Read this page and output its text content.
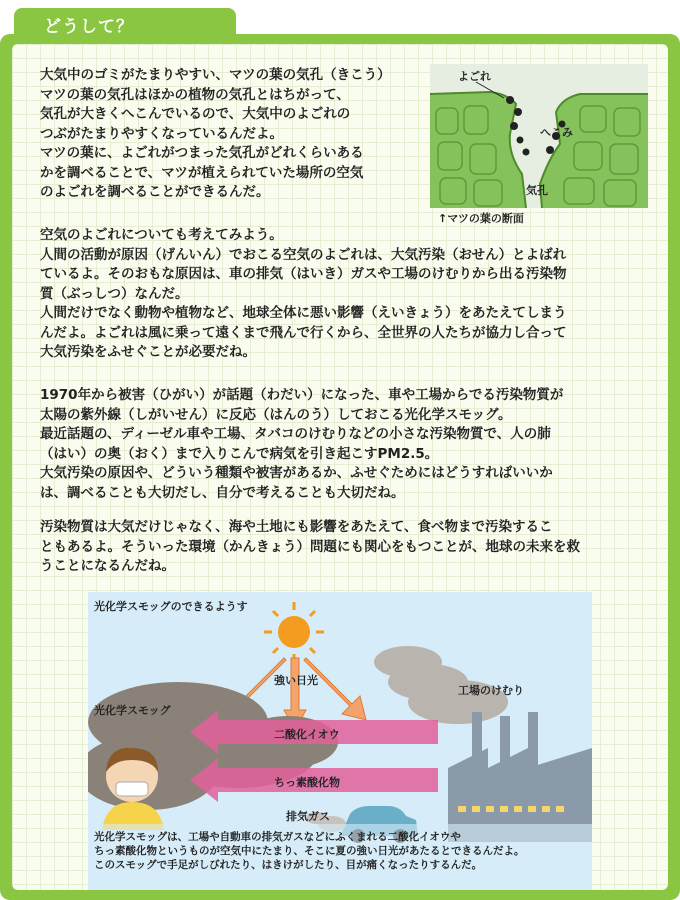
どうして？
大気中のゴミがたまりやすい、マツの葉の気孔（きこう）
マツの葉の気孔はほかの植物の気孔とはちがって、
気孔が大きくへこんでいるので、大気中のよごれの
つぶがたまりやすくなっているんだよ。
マツの葉に、よごれがつまった気孔がどれくらいある
かを調べることで、マツが植えられていた場所の空気
のよごれを調べることができるんだ。
よごれ
へこみ
気孔
↑マツの葉の断面
空気のよごれについても考えてみよう。
人間の活動が原因（げんいん）でおこる空気のよごれは、大気汚染（おせん）とよばれ
ているよ。そのおもな原因は、車の排気（はいき）ガスや工場のけむりから出る汚染物
質（ぶっしつ）なんだ。
人間だけでなく動物や植物など、地球全体に悪い影響（えいきょう）をあたえてしまう
んだよ。よごれは風に乗って遠くまで飛んで行くから、全世界の人たちが協力し合って
大気汚染をふせぐことが必要だね。
1970年から被害（ひがい）が話題（わだい）になった、車や工場からでる汚染物質が
太陽の紫外線（しがいせん）に反応（はんのう）しておこる光化学スモッグ。
最近話題の、ディーゼル車や工場、タバコのけむりなどの小さな汚染物質で、人の肺
（はい）の奥（おく）まで入りこんで病気を引き起こすPM2.5。
大気汚染の原因や、どういう種類や被害があるか、ふせぐためにはどうすればいいか
は、調べることも大切だし、自分で考えることも大切だね。
汚染物質は大気だけじゃなく、海や土地にも影響をあたえて、食べ物まで汚染するこ
ともあるよ。そういった環境（かんきょう）問題にも関心をもつことが、地球の未来を救
うことになるんだね。
光化学スモッグのできるようす
強い日光
光化学スモッグ
工場のけむり
二酸化イオウ
ちっ素酸化物
排気ガス
光化学スモッグは、工場や自動車の排気ガスなどにふくまれる二酸化イオウや
ちっ素酸化物というものが空気中にたまり、そこに夏の強い日光があたるとできるんだよ。
このスモッグで手足がしびれたり、はきけがしたり、目が痛くなったりするんだ。
